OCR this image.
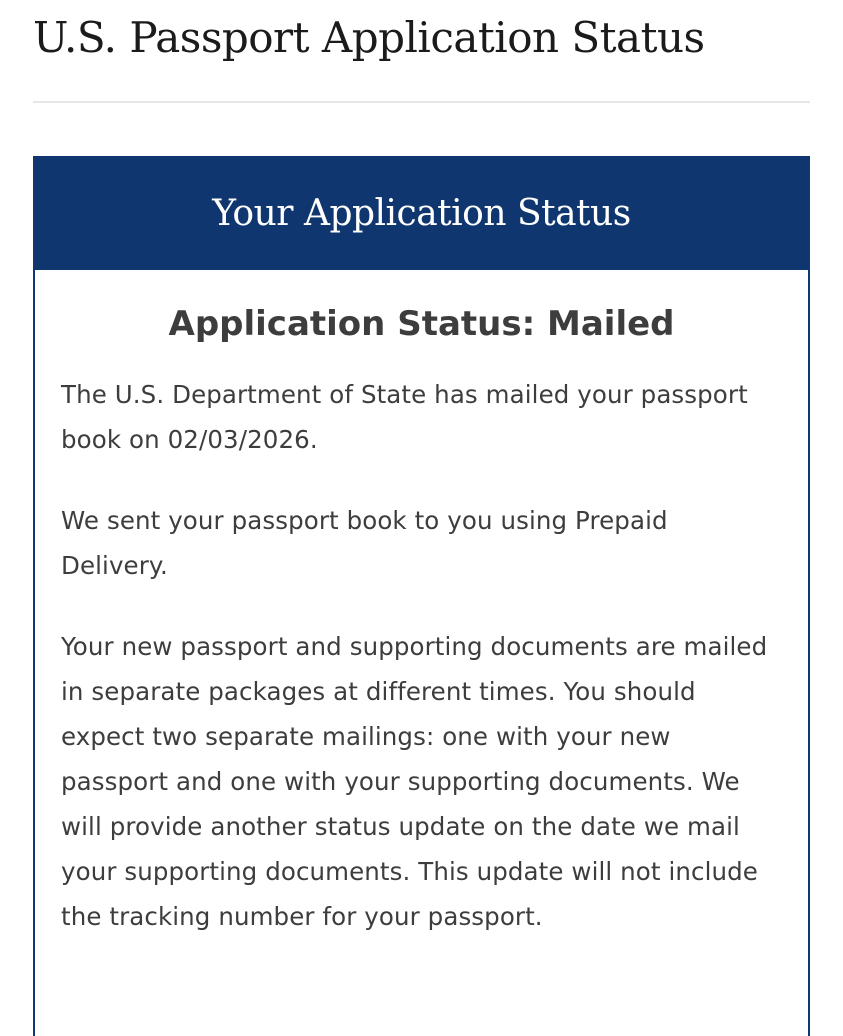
U.S. Passport Application Status
Your Application Status
Application Status: Mailed

The U.S. Department of State has mailed your passport book on 02/03/2026.

We sent your passport book to you using Prepaid Delivery.

Your new passport and supporting documents are mailed in separate packages at different times. You should expect two separate mailings: one with your new passport and one with your supporting documents. We will provide another status update on the date we mail your supporting documents. This update will not include the tracking number for your passport.
